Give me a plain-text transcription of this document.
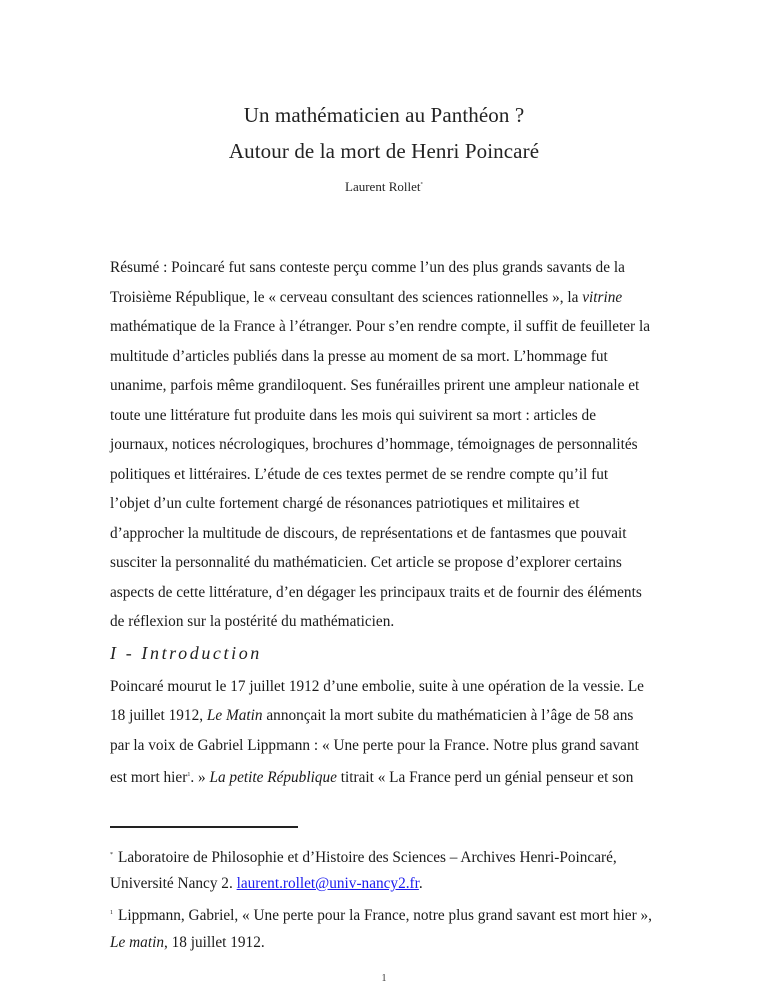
Un mathématicien au Panthéon ?
Autour de la mort de Henri Poincaré
Laurent Rollet*
Résumé : Poincaré fut sans conteste perçu comme l’un des plus grands savants de la
Troisième République, le « cerveau consultant des sciences rationnelles », la vitrine
mathématique de la France à l’étranger. Pour s’en rendre compte, il suffit de feuilleter la
multitude d’articles publiés dans la presse au moment de sa mort. L’hommage fut
unanime, parfois même grandiloquent. Ses funérailles prirent une ampleur nationale et
toute une littérature fut produite dans les mois qui suivirent sa mort : articles de
journaux, notices nécrologiques, brochures d’hommage, témoignages de personnalités
politiques et littéraires. L’étude de ces textes permet de se rendre compte qu’il fut
l’objet d’un culte fortement chargé de résonances patriotiques et militaires et
d’approcher la multitude de discours, de représentations et de fantasmes que pouvait
susciter la personnalité du mathématicien. Cet article se propose d’explorer certains
aspects de cette littérature, d’en dégager les principaux traits et de fournir des éléments
de réflexion sur la postérité du mathématicien.
I - Introduction
Poincaré mourut le 17 juillet 1912 d’une embolie, suite à une opération de la vessie. Le
18 juillet 1912, Le Matin annonçait la mort subite du mathématicien à l’âge de 58 ans
par la voix de Gabriel Lippmann : « Une perte pour la France. Notre plus grand savant
est mort hier$^1$. » La petite République titrait « La France perd un génial penseur et son
* Laboratoire de Philosophie et d’Histoire des Sciences – Archives Henri-Poincaré,
Université Nancy 2. laurent.rollet@univ-nancy2.fr.
$^1$ Lippmann, Gabriel, « Une perte pour la France, notre plus grand savant est mort hier »,
Le matin, 18 juillet 1912.
1
